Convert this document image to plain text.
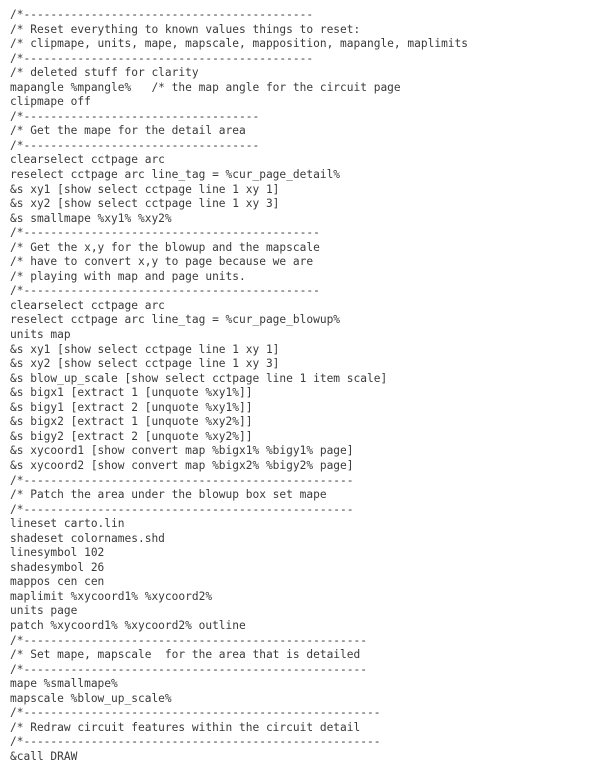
/*-------------------------------------------
/* Reset everything to known values things to reset:
/* clipmape, units, mape, mapscale, mapposition, mapangle, maplimits
/*-------------------------------------------
/* deleted stuff for clarity
mapangle %mpangle%   /* the map angle for the circuit page
clipmape off
/*-----------------------------------
/* Get the mape for the detail area
/*-----------------------------------
clearselect cctpage arc
reselect cctpage arc line_tag = %cur_page_detail%
&s xy1 [show select cctpage line 1 xy 1]
&s xy2 [show select cctpage line 1 xy 3]
&s smallmape %xy1% %xy2%
/*--------------------------------------------
/* Get the x,y for the blowup and the mapscale
/* have to convert x,y to page because we are
/* playing with map and page units.
/*--------------------------------------------
clearselect cctpage arc
reselect cctpage arc line_tag = %cur_page_blowup%
units map
&s xy1 [show select cctpage line 1 xy 1]
&s xy2 [show select cctpage line 1 xy 3]
&s blow_up_scale [show select cctpage line 1 item scale]
&s bigx1 [extract 1 [unquote %xy1%]]
&s bigy1 [extract 2 [unquote %xy1%]]
&s bigx2 [extract 1 [unquote %xy2%]]
&s bigy2 [extract 2 [unquote %xy2%]]
&s xycoord1 [show convert map %bigx1% %bigy1% page]
&s xycoord2 [show convert map %bigx2% %bigy2% page]
/*-------------------------------------------------
/* Patch the area under the blowup box set mape
/*-------------------------------------------------
lineset carto.lin
shadeset colornames.shd
linesymbol 102
shadesymbol 26
mappos cen cen
maplimit %xycoord1% %xycoord2%
units page
patch %xycoord1% %xycoord2% outline
/*---------------------------------------------------
/* Set mape, mapscale  for the area that is detailed
/*---------------------------------------------------
mape %smallmape%
mapscale %blow_up_scale%
/*-----------------------------------------------------
/* Redraw circuit features within the circuit detail
/*-----------------------------------------------------
&call DRAW
